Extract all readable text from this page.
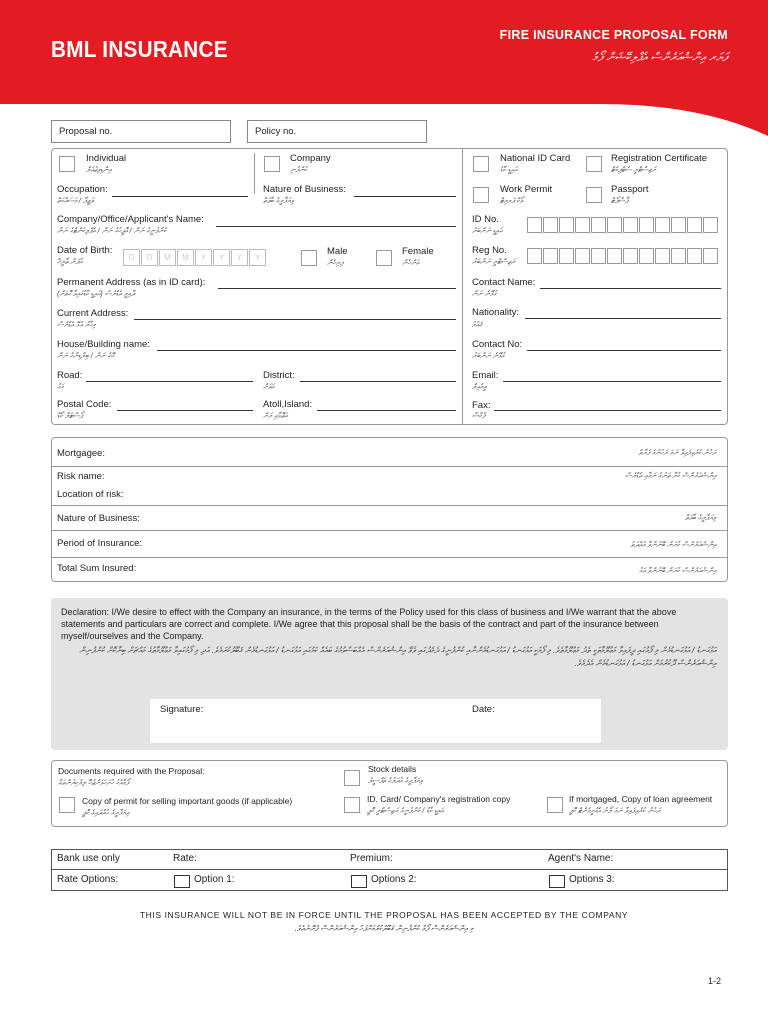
BML INSURANCE
FIRE INSURANCE PROPOSAL FORM
ފަޔަރ އިންޝުއަރެންސް އެޕްލިކޭޝަން ފޯމު
Proposal no.	Policy no.
Individual
އިންޑިވިޖުއަލް
Company
ކުންފުނި
Occupation:
ވަޒީފާ / މަސައްކަތް
Nature of Business:
ވިޔަފާރީގެ ބާވަތް
Company/Office/Applicant's Name:
ކުންފުނީގެ ނަން / އޮފީހުގެ ނަން / އެޕްލިކަންޓްގެ ނަން
Date of Birth:
އުފަން ތާރީޚް	D	D	M	M	Y	Y	Y	Y
Male
ފިރިހެން
Female
އަންހެން
Permanent Address (as in ID card):
ދާއިމީ އެޑްރެސް (އައިޑީ ކާޑުގައިވާ ގޮތަށް)
Current Address:
މިހާރު އުޅޭ އެޑްރެސް
House/Building name:
ގޭގެ ނަން / ބިލްޑިންގެ ނަން
Road:
މަގު
District:
އަވަށް
Postal Code:
ޕޯސްޓަލް ކޯޑް
Atoll,Island:
އަތޮޅާއި ރަށް
National ID Card
އައިޑީ ކާޑު
Registration Certificate
ރަޖިސްޓްރީ ސެޓްފިކެޓް
Work Permit
ވޯކް ޕަރމިޓް
Passport
ޕާސްޕޯޓް
ID No.
އައިޑީ ނަންބަރު
Reg No.
ރަޖިސްޓްރީ ނަންބަރު
Contact Name:
ގުޅޭނެ ނަން
Nationality:
ޤައުމު
Contact No:
ގުޅޭނެ ނަންބަރު
Email:
އީމެއިލް
Fax:
ފެކްސް
Mortgagee:	ރަހުނު ކުރެވިފައިވާ ނަމަ ރަހުނުގެ ފަރާތް
Risk name:	އިންޝުއަރެންސް ކުރާ ތަނުގެ ނަމާއި އެޑްރެސް
Location of risk:
Nature of Business:	ވިޔަފާރީގެ ބާވަތް
Period of Insurance:	އިންޝުއަރެންސް ކުރަން ބޭނުންވާ މުއްދަތު
Total Sum Insured:	އިންޝުއަރެންސް ކުރަން ބޭނުންވާ އަގު
Declaration: I/We desire to effect with the Company an insurance, in the terms of the Policy used for this class of business and I/We warrant that the above statements and particulars are correct and complete. I/We agree that this proposal shall be the basis of the contract and part of the insurance between myself/ourselves and the Company.
އަޅުގަނޑު / އަޅުގަނޑުމެން މި ފޯމުގައި ދީފައިވާ މަޢުލޫމާތަކީ ތެދު މަޢުލޫމާތެވެ. މި ފޯމަކީ އަޅުގަނޑު / އަޅުގަނޑުމެންނާއި ކުންފުނީގެ ދެމެދުގައި ވެވޭ އިންޝުއަރެންސް އެއްބަސްވުމުގެ ބައެއް ކަމުގައި އަޅުގަނޑު / އަޅުގަނޑުމެން ޤަބޫލުކުރަމެވެ. އަދި މި ފޯމުގައިވާ މަޢުލޫމާތުގެ މައްޗަށް ބިނާކޮށް ކުންފުނިން އިންޝުއަރެންސް ދޫކުރުމަށް އަޅުގަނޑު / އަޅުގަނޑުމެން އެދެމެވެ.
Signature:	Date:
Documents required with the Proposal:
ފޯމާއެކު ހުށަހަޅަންޖެހޭ ލިޔެކިޔުންތައް
Copy of permit for selling important goods (if applicable)
ވިޔަފާރީގެ ހުއްދައިގެ ކޮޕީ
Stock details
ވިޔަފާރީގެ މުދަލުގެ ތަފްސީލު
ID. Card/ Company's registration copy
އައިޑީ ކާޑު / ކުންފުނީގެ ރަޖިސްޓްރީ ކޮޕީ
If mortgaged, Copy of loan agreement
ރަހުނު ކުރެވިފައިވާ ނަމަ ލޯނު އެގްރީމެންޓް ކޮޕީ
Bank use only	Rate:	Premium:	Agent's Name:
Rate Options:	Option 1:	Options 2:	Options 3:
THIS INSURANCE WILL NOT BE IN FORCE UNTIL THE PROPOSAL HAS BEEN ACCEPTED BY THE COMPANY
މި އިންޝުއަރެންސް ފޯމު ކުންފުނިން ޤަބޫލުކުރުމަށްފަހު އިންޝުއަރެންސް ފެށޭނެއެވެ.
1-2
